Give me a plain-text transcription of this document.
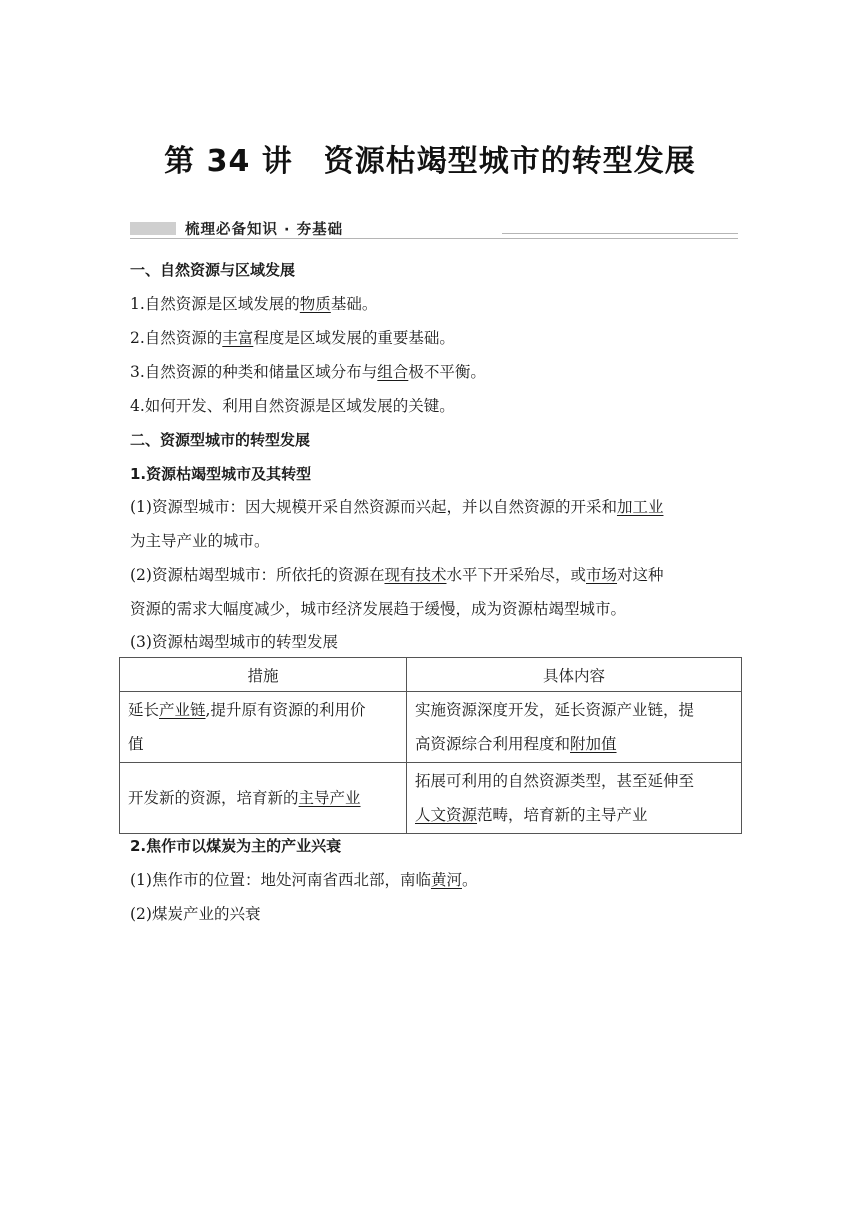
第 34 讲　资源枯竭型城市的转型发展
梳理必备知识 · 夯基础
一、自然资源与区域发展
1.自然资源是区域发展的物质基础。
2.自然资源的丰富程度是区域发展的重要基础。
3.自然资源的种类和储量区域分布与组合极不平衡。
4.如何开发、利用自然资源是区域发展的关键。
二、资源型城市的转型发展
1.资源枯竭型城市及其转型
(1)资源型城市：因大规模开采自然资源而兴起，并以自然资源的开采和加工业
为主导产业的城市。
(2)资源枯竭型城市：所依托的资源在现有技术水平下开采殆尽，或市场对这种
资源的需求大幅度减少，城市经济发展趋于缓慢，成为资源枯竭型城市。
(3)资源枯竭型城市的转型发展
措施	具体内容
延长产业链,提升原有资源的利用价
值	实施资源深度开发，延长资源产业链，提
高资源综合利用程度和附加值
开发新的资源，培育新的主导产业	拓展可利用的自然资源类型，甚至延伸至
人文资源范畴，培育新的主导产业
2.焦作市以煤炭为主的产业兴衰
(1)焦作市的位置：地处河南省西北部，南临黄河。
(2)煤炭产业的兴衰
